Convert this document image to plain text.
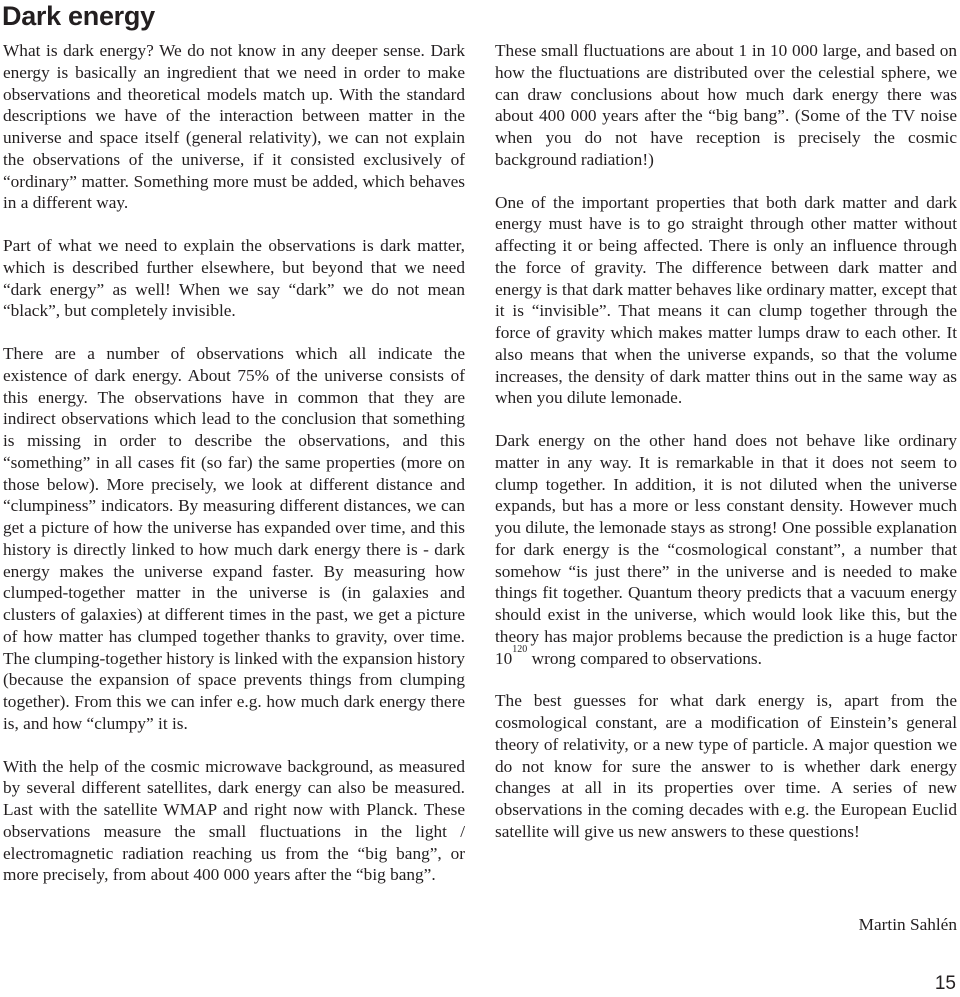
Dark energy

What is dark energy? We do not know in any deeper sense. Dark energy is basically an ingredient that we need in order to make observations and theoretical models match up. With the standard descriptions we have of the interaction between matter in the universe and space itself (general relativity), we can not explain the observations of the universe, if it consisted exclusively of “ordinary” matter. Something more must be added, which behaves in a different way.

Part of what we need to explain the observations is dark matter, which is described further elsewhere, but beyond that we need “dark energy” as well! When we say “dark” we do not mean “black”, but completely invisible.

There are a number of observations which all indicate the existence of dark energy. About 75% of the universe consists of this energy. The observations have in common that they are indirect observations which lead to the conclusion that something is missing in order to describe the observations, and this “something” in all cases fit (so far) the same properties (more on those below). More precisely, we look at different distance and “clumpiness” indicators. By measuring different distances, we can get a picture of how the universe has expanded over time, and this history is directly linked to how much dark energy there is - dark energy makes the universe expand faster. By measuring how clumped-together matter in the universe is (in galaxies and clusters of galaxies) at different times in the past, we get a picture of how matter has clumped together thanks to gravity, over time. The clumping-together history is linked with the expansion history (because the expansion of space prevents things from clumping together). From this we can infer e.g. how much dark energy there is, and how “clumpy” it is.

With the help of the cosmic microwave background, as measured by several different satellites, dark energy can also be measured. Last with the satellite WMAP and right now with Planck. These observations measure the small fluctuations in the light / electromagnetic radiation reaching us from the “big bang”, or more precisely, from about 400 000 years after the “big bang”.

These small fluctuations are about 1 in 10 000 large, and based on how the fluctuations are distributed over the celestial sphere, we can draw conclusions about how much dark energy there was about 400 000 years after the “big bang”. (Some of the TV noise when you do not have reception is precisely the cosmic background radiation!)

One of the important properties that both dark matter and dark energy must have is to go straight through other matter without affecting it or being affected. There is only an influence through the force of gravity. The difference between dark matter and energy is that dark matter behaves like ordinary matter, except that it is “invisible”. That means it can clump together through the force of gravity which makes matter lumps draw to each other. It also means that when the universe expands, so that the volume increases, the density of dark matter thins out in the same way as when you dilute lemonade.

Dark energy on the other hand does not behave like ordinary matter in any way. It is remarkable in that it does not seem to clump together. In addition, it is not diluted when the universe expands, but has a more or less constant density. However much you dilute, the lemonade stays as strong! One possible explanation for dark energy is the “cosmological constant”, a number that somehow “is just there” in the universe and is needed to make things fit together. Quantum theory predicts that a vacuum energy should exist in the universe, which would look like this, but the theory has major problems because the prediction is a huge factor $10^{120}$ wrong compared to observations.

The best guesses for what dark energy is, apart from the cosmological constant, are a modification of Einstein’s general theory of relativity, or a new type of particle. A major question we do not know for sure the answer to is whether dark energy changes at all in its properties over time. A series of new observations in the coming decades with e.g. the European Euclid satellite will give us new answers to these questions!

Martin Sahlén
15
